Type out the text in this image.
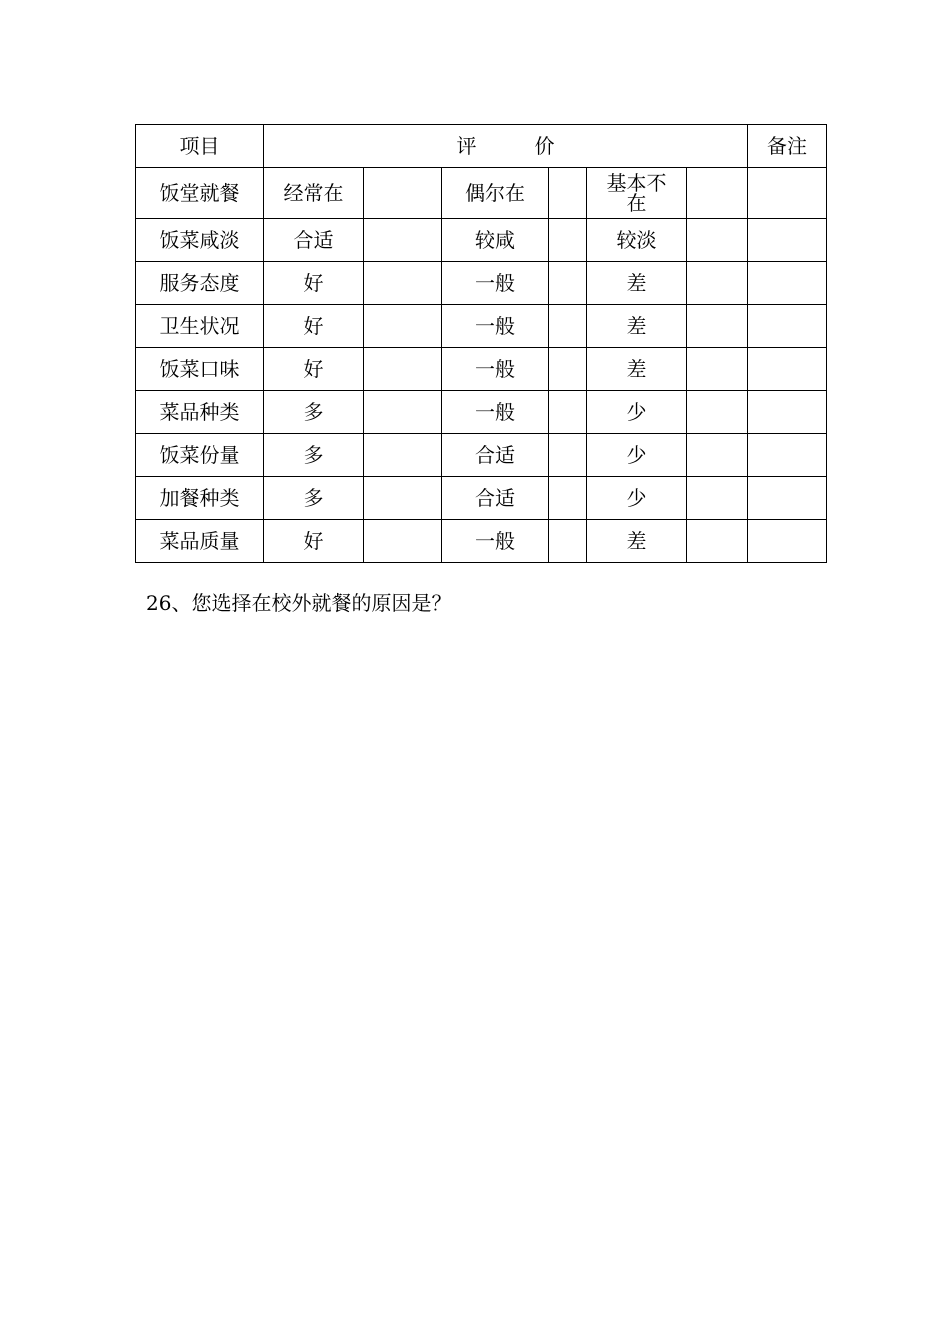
项目	评 价						备注
饭堂就餐	经常在		偶尔在		基本不在		
饭菜咸淡	合适		较咸		较淡		
服务态度	好		一般		差		
卫生状况	好		一般		差		
饭菜口味	好		一般		差		
菜品种类	多		一般		少		
饭菜份量	多		合适		少		
加餐种类	多		合适		少		
菜品质量	好		一般		差		
26、您选择在校外就餐的原因是？
